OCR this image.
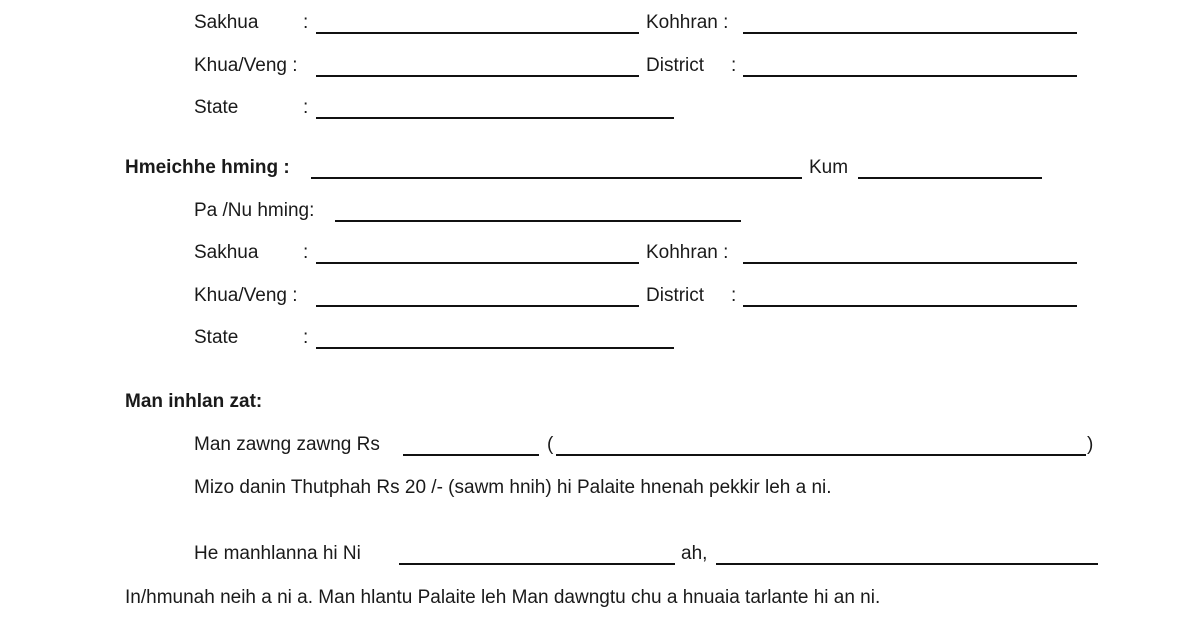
Sakhua :	Kohhran :
Khua/Veng :	District :
State	:
Hmeichhe hming :	Kum
Pa /Nu hming:
Sakhua :	Kohhran :
Khua/Veng :	District :
State	:
Man inhlan zat:
Man zawng zawng Rs	(	)
Mizo danin Thutphah Rs 20 /- (sawm hnih) hi Palaite hnenah pekkir leh a ni.
He manhlanna hi Ni	ah,
In/hmunah neih a ni a. Man hlantu Palaite leh Man dawngtu chu a hnuaia tarlante hi an ni.
